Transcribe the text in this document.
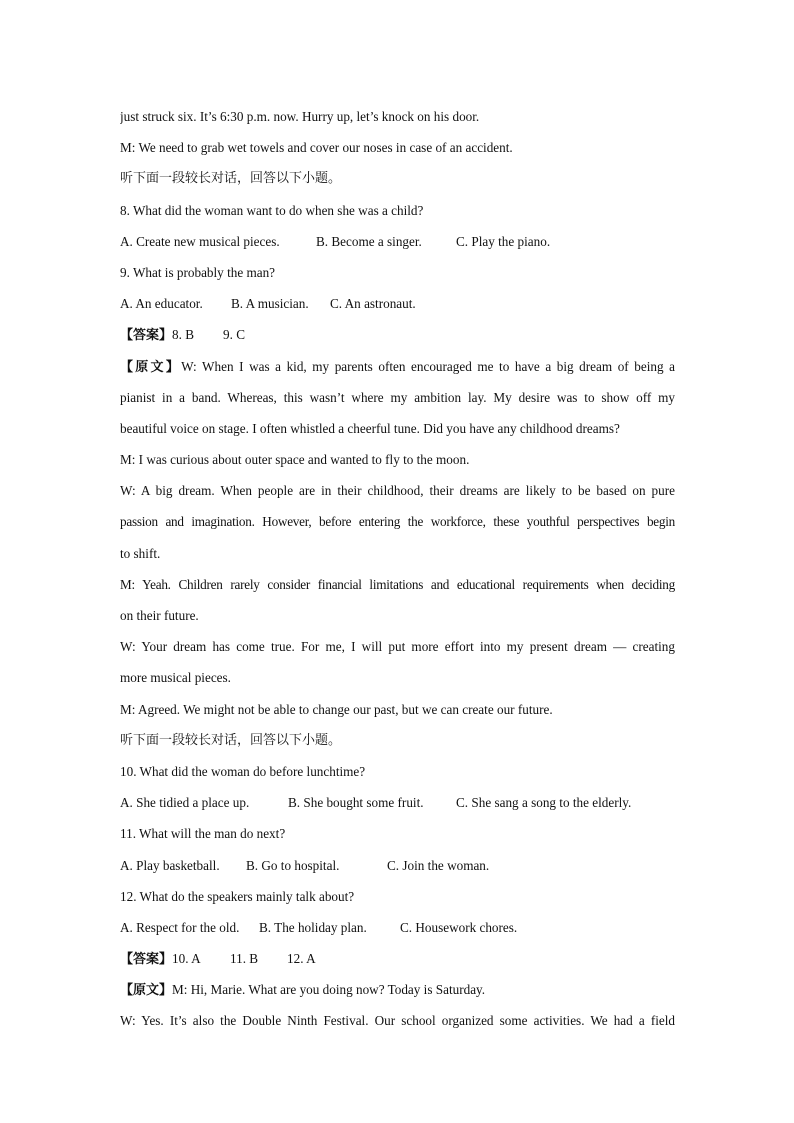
just struck six. It’s 6:30 p.m. now. Hurry up, let’s knock on his door.
M: We need to grab wet towels and cover our noses in case of an accident.
听下面一段较长对话，回答以下小题。
8. What did the woman want to do when she was a child?
A. Create new musical pieces.	B. Become a singer.	C. Play the piano.
9. What is probably the man?
A. An educator.	B. A musician.	C. An astronaut.
【答案】 8. B	9. C
【原文】W: When I was a kid, my parents often encouraged me to have a big dream of being a
pianist in a band. Whereas, this wasn’t where my ambition lay. My desire was to show off my
beautiful voice on stage. I often whistled a cheerful tune. Did you have any childhood dreams?
M: I was curious about outer space and wanted to fly to the moon.
W: A big dream. When people are in their childhood, their dreams are likely to be based on pure
passion and imagination. However, before entering the workforce, these youthful perspectives begin
to shift.
M: Yeah. Children rarely consider financial limitations and educational requirements when deciding
on their future.
W: Your dream has come true. For me, I will put more effort into my present dream — creating
more musical pieces.
M: Agreed. We might not be able to change our past, but we can create our future.
听下面一段较长对话，回答以下小题。
10. What did the woman do before lunchtime?
A. She tidied a place up.	B. She bought some fruit.	C. She sang a song to the elderly.
11. What will the man do next?
A. Play basketball.	B. Go to hospital.	C. Join the woman.
12. What do the speakers mainly talk about?
A. Respect for the old.	B. The holiday plan.	C. Housework chores.
【答案】 10. A	11. B	12. A
【原文】M: Hi, Marie. What are you doing now? Today is Saturday.
W: Yes. It’s also the Double Ninth Festival. Our school organized some activities. We had a field
